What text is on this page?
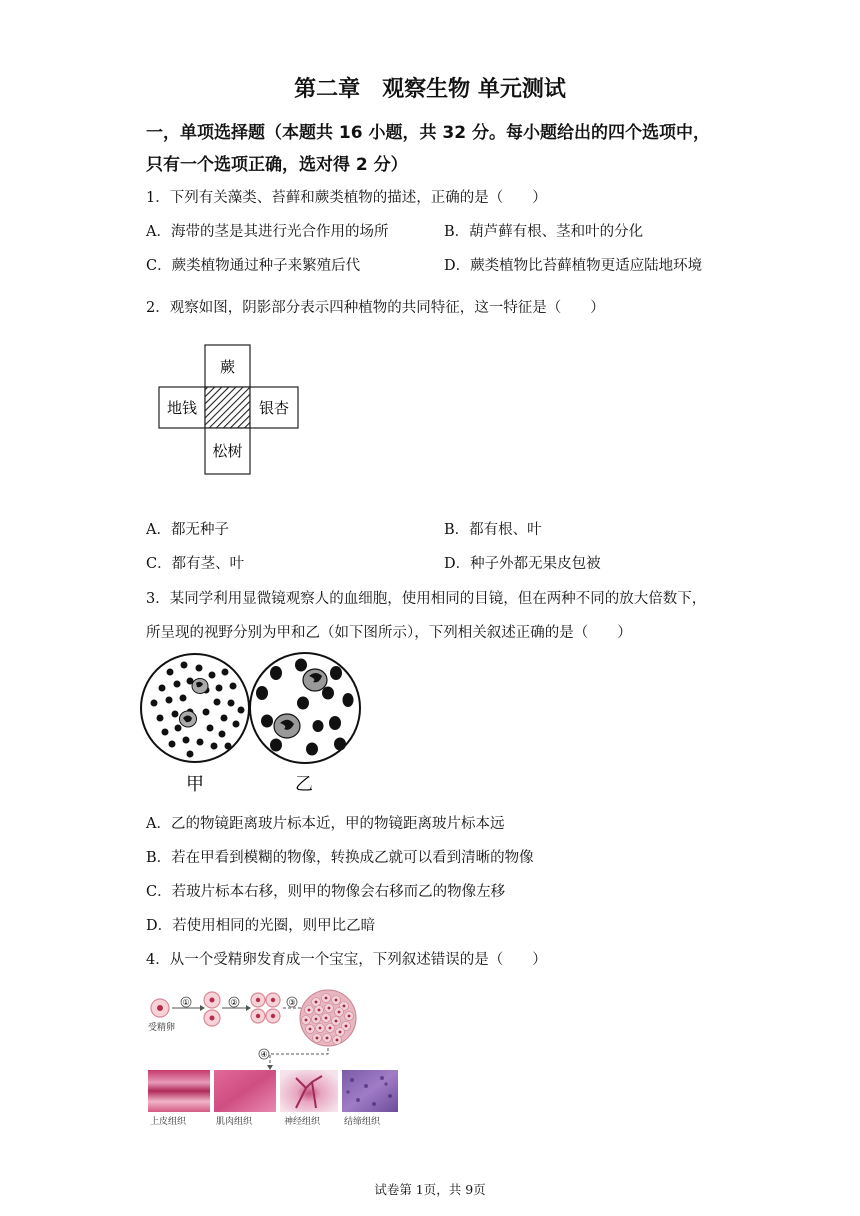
第二章　观察生物 单元测试
一，单项选择题（本题共 16 小题，共 32 分。每小题给出的四个选项中，
只有一个选项正确，选对得 2 分）
1．下列有关藻类、苔藓和蕨类植物的描述，正确的是（　　）
A．海带的茎是其进行光合作用的场所	B．葫芦藓有根、茎和叶的分化
C．蕨类植物通过种子来繁殖后代	D．蕨类植物比苔藓植物更适应陆地环境
2．观察如图，阴影部分表示四种植物的共同特征，这一特征是（　　）
蕨
地钱	银杏
松树
A．都无种子	B．都有根、叶
C．都有茎、叶	D．种子外都无果皮包被
3．某同学利用显微镜观察人的血细胞，使用相同的目镜，但在两种不同的放大倍数下，
所呈现的视野分别为甲和乙（如下图所示），下列相关叙述正确的是（　　）
甲	乙
A．乙的物镜距离玻片标本近，甲的物镜距离玻片标本远
B．若在甲看到模糊的物像，转换成乙就可以看到清晰的物像
C．若玻片标本右移，则甲的物像会右移而乙的物像左移
D．若使用相同的光圈，则甲比乙暗
4．从一个受精卵发育成一个宝宝，下列叙述错误的是（　　）
受精卵
①	②	③
④
上皮组织	肌肉组织	神经组织	结缔组织
试卷第 1页，共 9页
